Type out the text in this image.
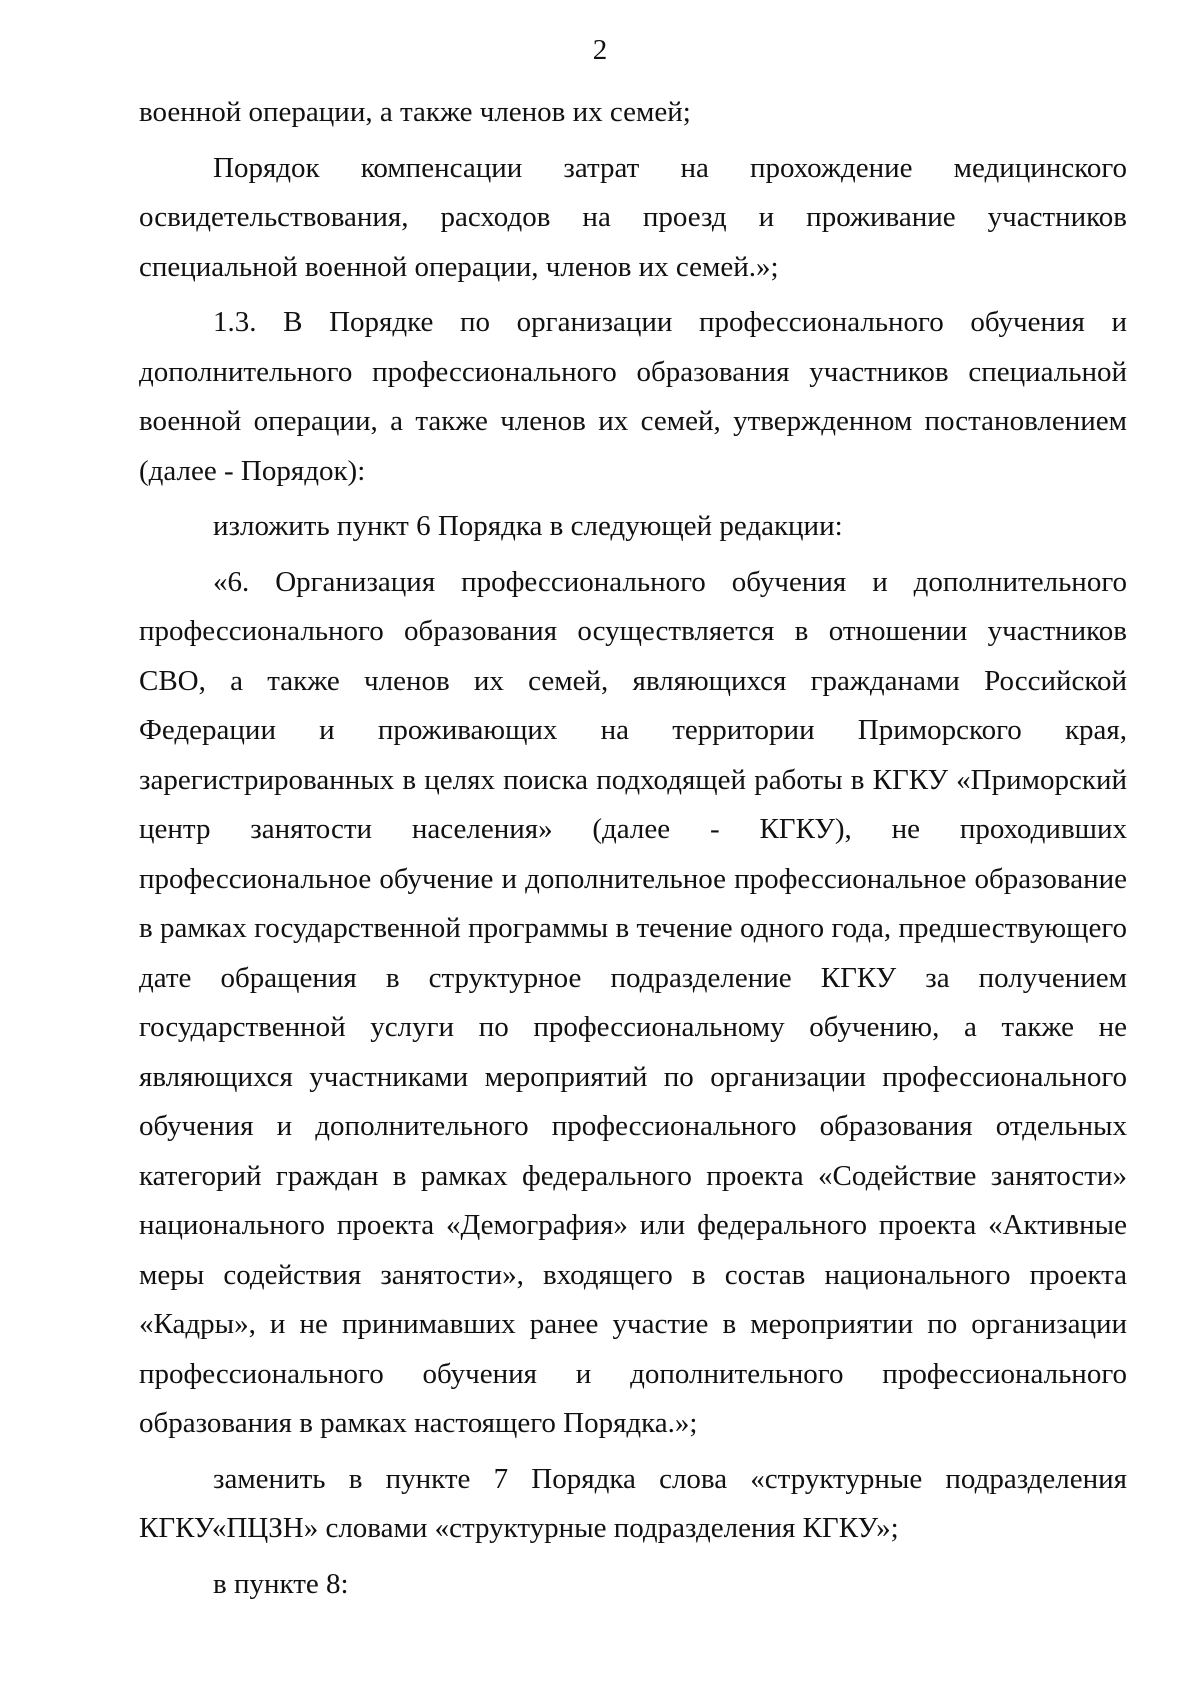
2

военной операции, а также членов их семей;

Порядок компенсации затрат на прохождение медицинского освидетельствования, расходов на проезд и проживание участников специальной военной операции, членов их семей.»;

1.3. В Порядке по организации профессионального обучения и дополнительного профессионального образования участников специальной военной операции, а также членов их семей, утвержденном постановлением (далее - Порядок):

изложить пункт 6 Порядка в следующей редакции:

«6. Организация профессионального обучения и дополнительного профессионального образования осуществляется в отношении участников СВО, а также членов их семей, являющихся гражданами Российской Федерации и проживающих на территории Приморского края, зарегистрированных в целях поиска подходящей работы в КГКУ «Приморский центр занятости населения» (далее - КГКУ), не проходивших профессиональное обучение и дополнительное профессиональное образование в рамках государственной программы в течение одного года, предшествующего дате обращения в структурное подразделение КГКУ за получением государственной услуги по профессиональному обучению, а также не являющихся участниками мероприятий по организации профессионального обучения и дополнительного профессионального образования отдельных категорий граждан в рамках федерального проекта «Содействие занятости» национального проекта «Демография» или федерального проекта «Активные меры содействия занятости», входящего в состав национального проекта «Кадры», и не принимавших ранее участие в мероприятии по организации профессионального обучения и дополнительного профессионального образования в рамках настоящего Порядка.»;

заменить в пункте 7 Порядка слова «структурные подразделения КГКУ«ПЦЗН» словами «структурные подразделения КГКУ»;

в пункте 8:
